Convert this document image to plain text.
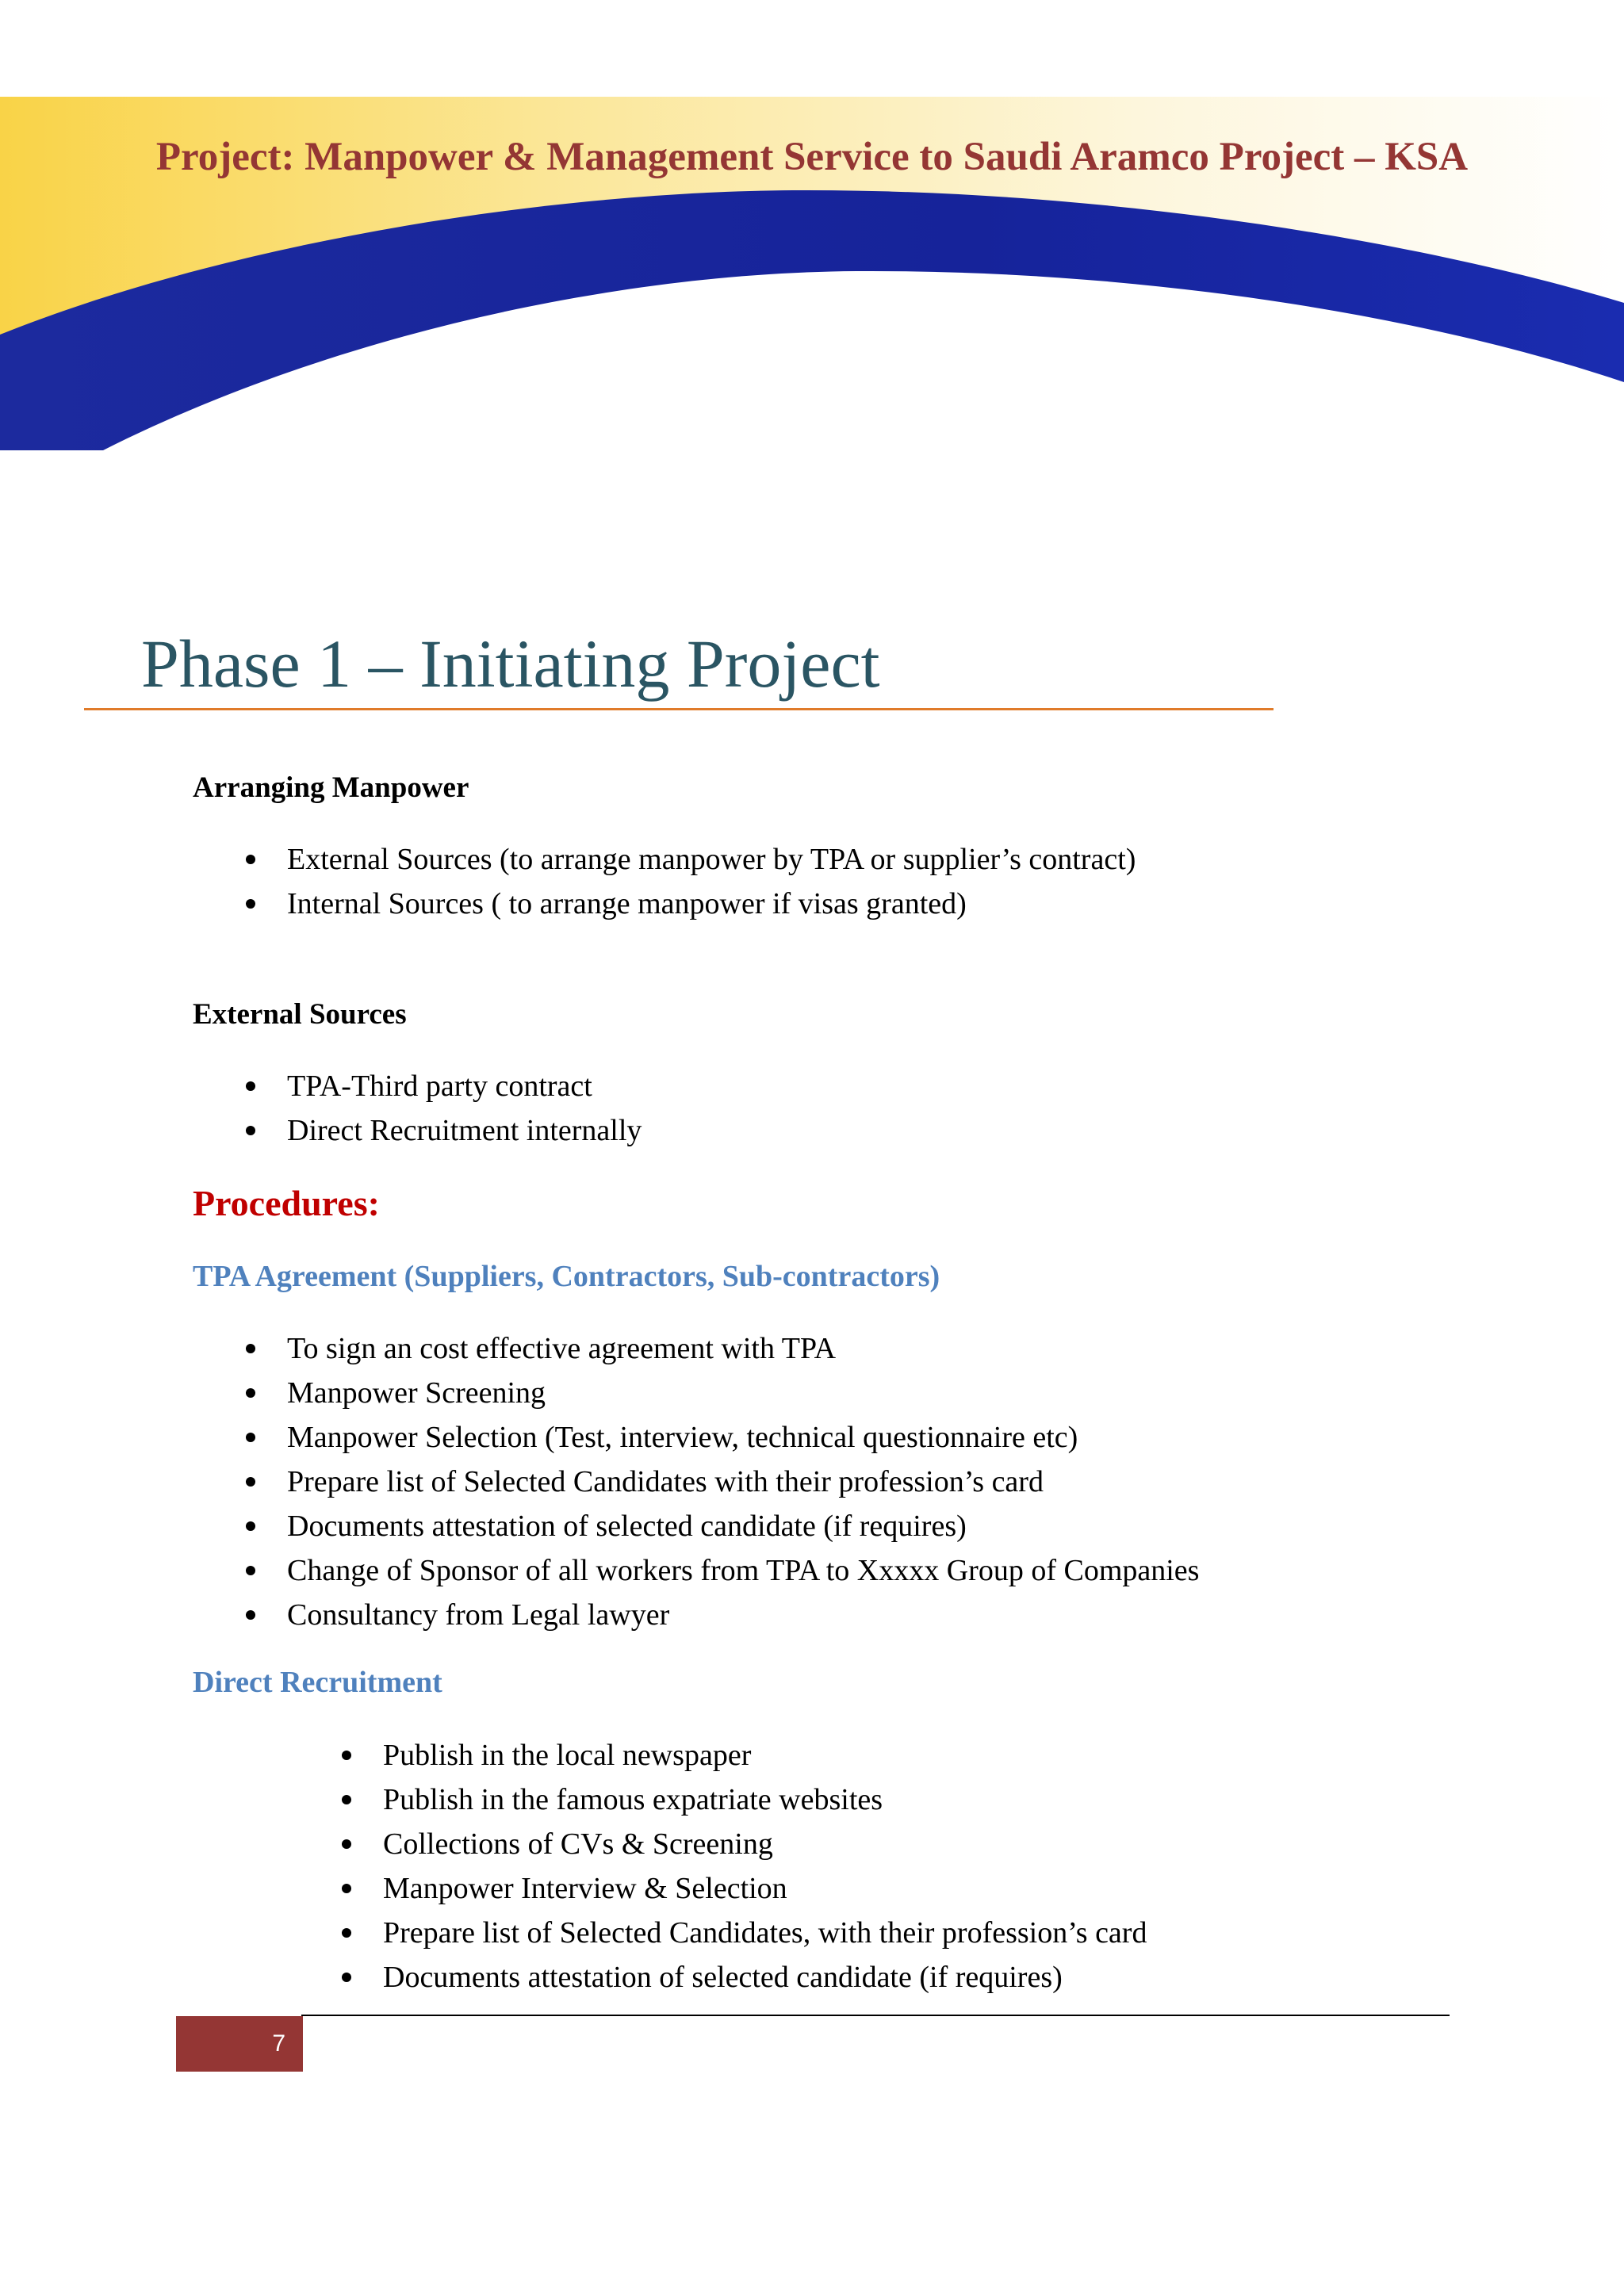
Project: Manpower & Management Service to Saudi Aramco Project – KSA
Phase 1 – Initiating Project
Arranging Manpower
External Sources (to arrange manpower by TPA or supplier’s contract)
Internal Sources ( to arrange manpower if visas granted)
External Sources
TPA-Third party contract
Direct Recruitment internally
Procedures:
TPA Agreement (Suppliers, Contractors, Sub-contractors)
To sign an cost effective agreement with TPA
Manpower Screening
Manpower Selection (Test, interview, technical questionnaire etc)
Prepare list of Selected Candidates with their profession’s card
Documents attestation of selected candidate (if requires)
Change of Sponsor of all workers from TPA to Xxxxx Group of Companies
Consultancy from Legal lawyer
Direct Recruitment
Publish in the local newspaper
Publish in the famous expatriate websites
Collections of CVs & Screening
Manpower Interview & Selection
Prepare list of Selected Candidates, with their profession’s card
Documents attestation of selected candidate (if requires)
7
